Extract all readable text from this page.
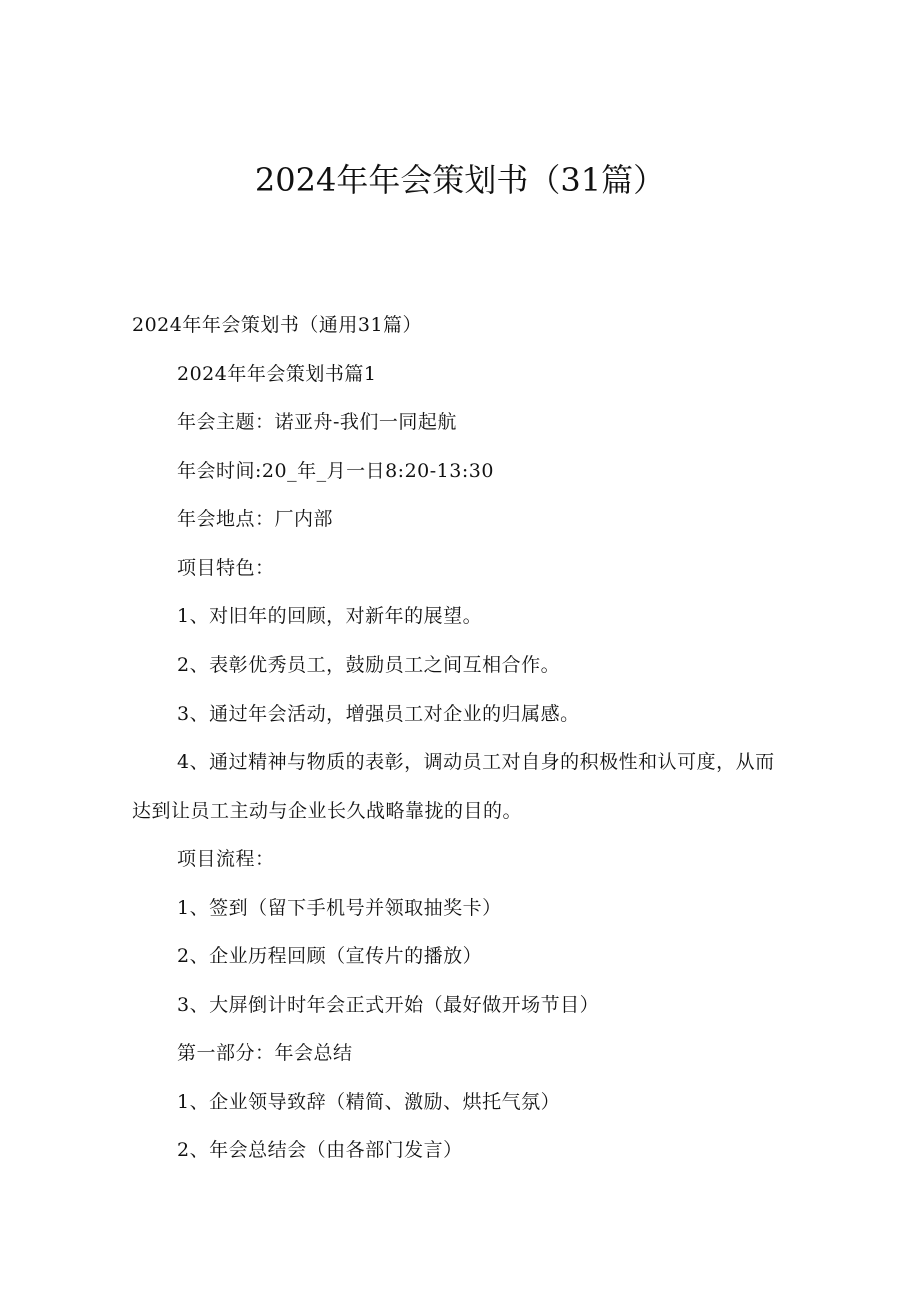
2024年年会策划书（31篇）
2024年年会策划书（通用31篇）
2024年年会策划书篇1
年会主题：诺亚舟-我们一同起航
年会时间:20_年_月一日8:20-13:30
年会地点：厂内部
项目特色：
1、对旧年的回顾，对新年的展望。
2、表彰优秀员工，鼓励员工之间互相合作。
3、通过年会活动，增强员工对企业的归属感。
4、通过精神与物质的表彰，调动员工对自身的积极性和认可度，从而
达到让员工主动与企业长久战略靠拢的目的。
项目流程：
1、签到（留下手机号并领取抽奖卡）
2、企业历程回顾（宣传片的播放）
3、大屏倒计时年会正式开始（最好做开场节目）
第一部分：年会总结
1、企业领导致辞（精简、激励、烘托气氛）
2、年会总结会（由各部门发言）
